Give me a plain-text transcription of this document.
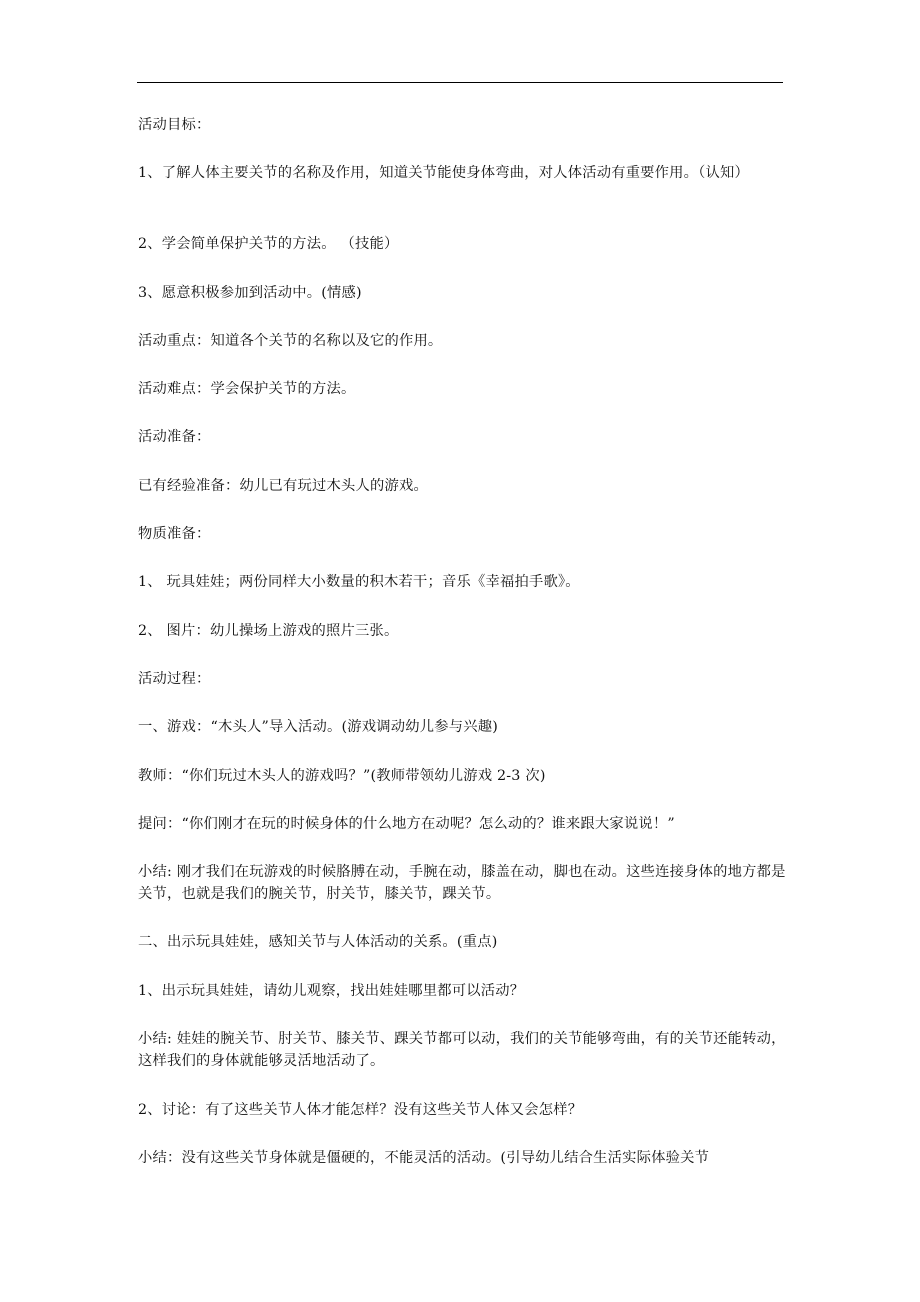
活动目标：
1、了解人体主要关节的名称及作用，知道关节能使身体弯曲，对人体活动有重要作用。（认知）
2、学会简单保护关节的方法。 （技能）
3、愿意积极参加到活动中。(情感)
活动重点：知道各个关节的名称以及它的作用。
活动难点：学会保护关节的方法。
活动准备：
已有经验准备：幼儿已有玩过木头人的游戏。
物质准备：
1、 玩具娃娃；两份同样大小数量的积木若干；音乐《幸福拍手歌》。
2、 图片：幼儿操场上游戏的照片三张。
活动过程：
一、游戏：“木头人”导入活动。(游戏调动幼儿参与兴趣)
教师：“你们玩过木头人的游戏吗？”(教师带领幼儿游戏 2-3 次)
提问：“你们刚才在玩的时候身体的什么地方在动呢？怎么动的？谁来跟大家说说！”
小结: 刚才我们在玩游戏的时候胳膊在动，手腕在动，膝盖在动，脚也在动。这些连接身体的地方都是关节，也就是我们的腕关节，肘关节，膝关节，踝关节。
二、出示玩具娃娃，感知关节与人体活动的关系。(重点)
1、出示玩具娃娃，请幼儿观察，找出娃娃哪里都可以活动？
小结: 娃娃的腕关节、肘关节、膝关节、踝关节都可以动，我们的关节能够弯曲，有的关节还能转动，这样我们的身体就能够灵活地活动了。
2、讨论：有了这些关节人体才能怎样？没有这些关节人体又会怎样？
小结：没有这些关节身体就是僵硬的，不能灵活的活动。(引导幼儿结合生活实际体验关节
